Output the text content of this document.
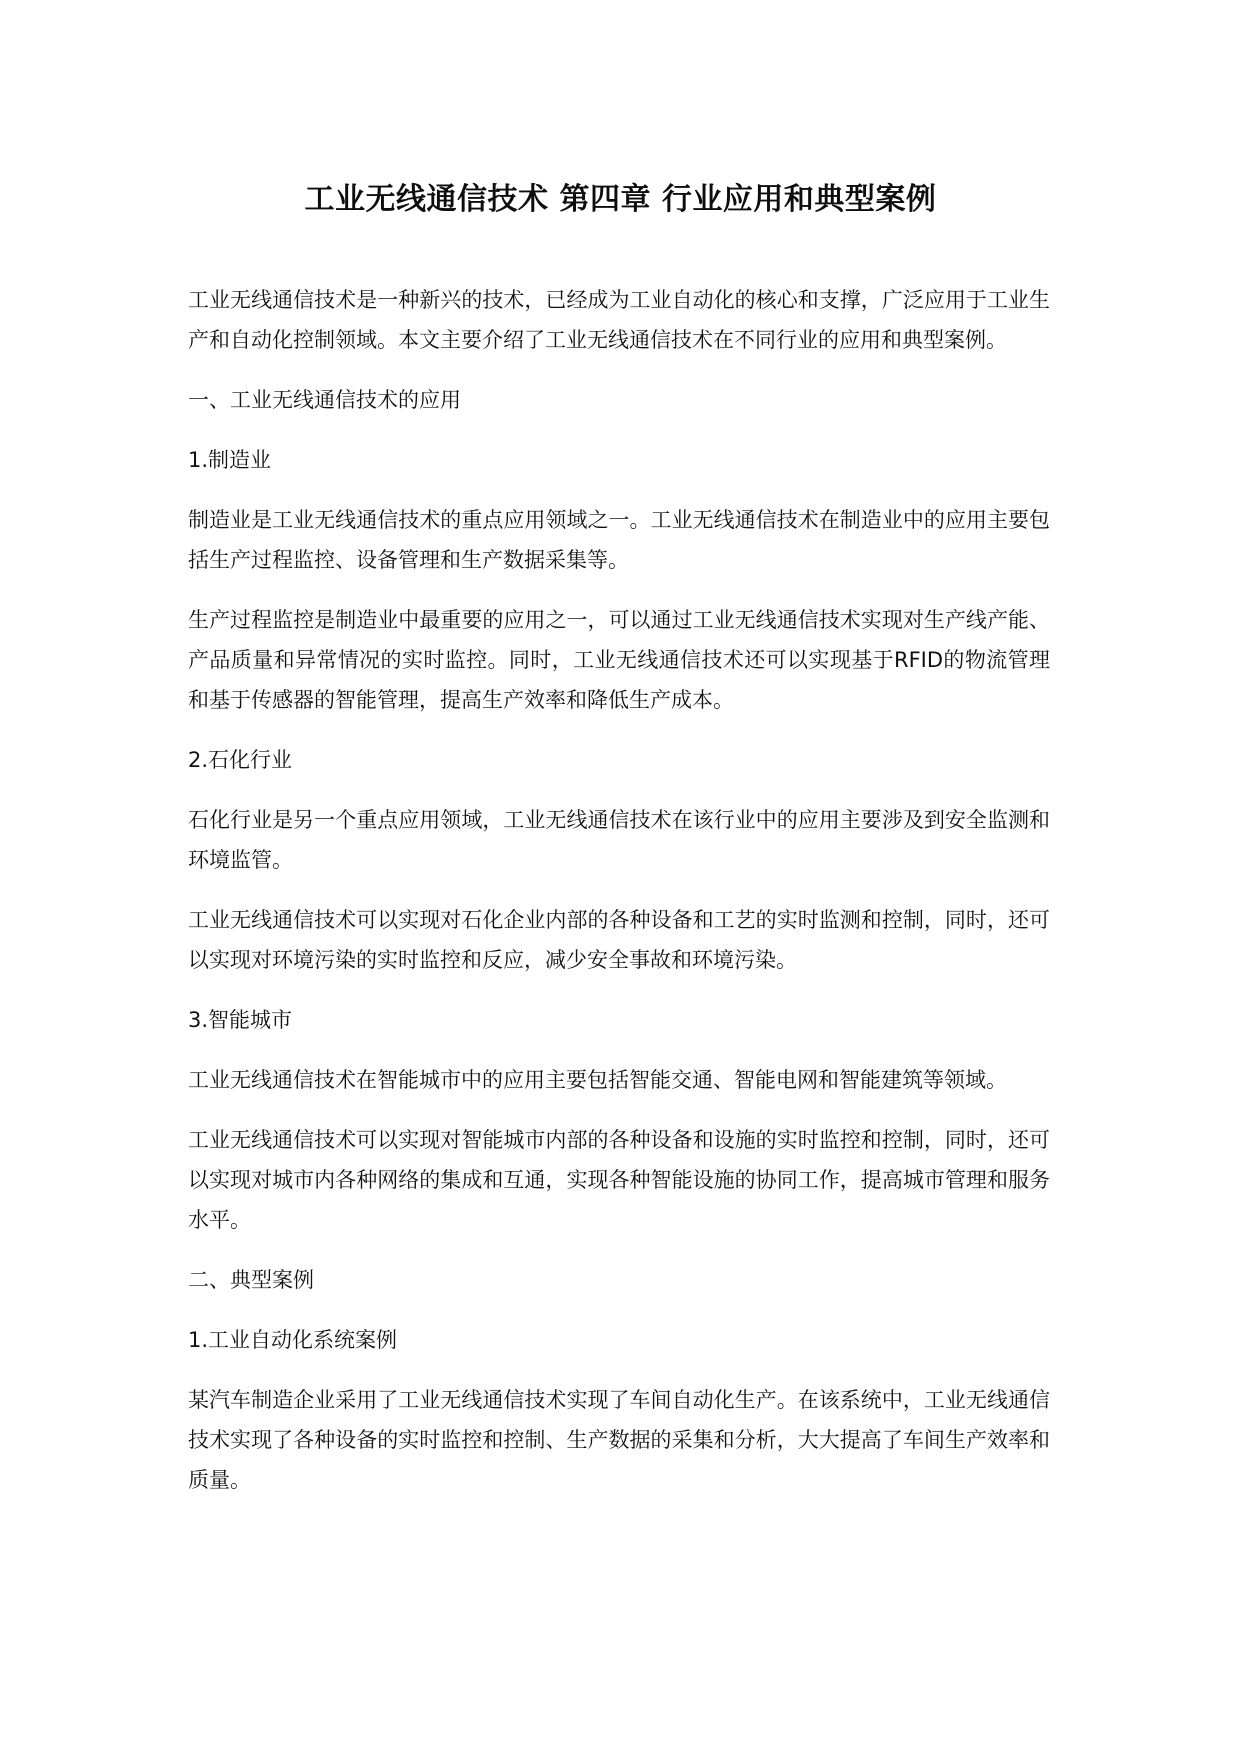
工业无线通信技术 第四章 行业应用和典型案例

工业无线通信技术是一种新兴的技术，已经成为工业自动化的核心和支撑，广泛应用于工业生产和自动化控制领域。本文主要介绍了工业无线通信技术在不同行业的应用和典型案例。

一、工业无线通信技术的应用

1.制造业

制造业是工业无线通信技术的重点应用领域之一。工业无线通信技术在制造业中的应用主要包括生产过程监控、设备管理和生产数据采集等。

生产过程监控是制造业中最重要的应用之一，可以通过工业无线通信技术实现对生产线产能、产品质量和异常情况的实时监控。同时，工业无线通信技术还可以实现基于RFID的物流管理和基于传感器的智能管理，提高生产效率和降低生产成本。

2.石化行业

石化行业是另一个重点应用领域，工业无线通信技术在该行业中的应用主要涉及到安全监测和环境监管。

工业无线通信技术可以实现对石化企业内部的各种设备和工艺的实时监测和控制，同时，还可以实现对环境污染的实时监控和反应，减少安全事故和环境污染。

3.智能城市

工业无线通信技术在智能城市中的应用主要包括智能交通、智能电网和智能建筑等领域。

工业无线通信技术可以实现对智能城市内部的各种设备和设施的实时监控和控制，同时，还可以实现对城市内各种网络的集成和互通，实现各种智能设施的协同工作，提高城市管理和服务水平。

二、典型案例

1.工业自动化系统案例

某汽车制造企业采用了工业无线通信技术实现了车间自动化生产。在该系统中，工业无线通信技术实现了各种设备的实时监控和控制、生产数据的采集和分析，大大提高了车间生产效率和质量。
